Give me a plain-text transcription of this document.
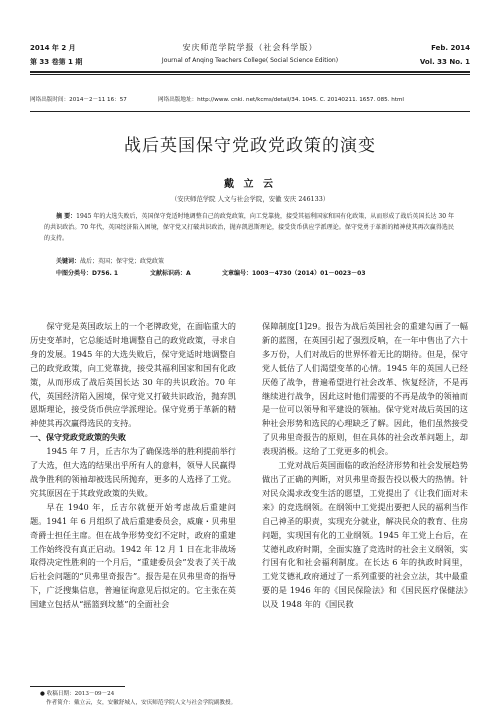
2014 年 2 月
第 33 卷第 1 期
安庆师范学院学报（社会科学版）
Journal of Anqing Teachers College( Social Science Edition)
Feb. 2014
Vol. 33 No. 1
网络出版时间：2014－2－11 16：57	网络出版地址：http://www. cnki. net/kcms/detail/34. 1045. C. 20140211. 1657. 085. html
战后英国保守党政党政策的演变
戴 立 云
（安庆师范学院 人文与社会学院，安徽 安庆 246133）
摘 要：1945 年的大选失败后，英国保守党适时地调整自己的政党政策，向工党靠拢，接受其福利国家和国有化政策，从而形成了战后英国长达 30 年的共识政治。70 年代，英国经济陷入困境，保守党又打破共识政治，抛弃凯恩斯理论，接受货币供应学派理论。保守党勇于革新的精神使其再次赢得选民的支持。
关键词：战后；英国；保守党；政党政策
中图分类号：D756. 1	文献标识码：A	文章编号：1003－4730（2014）01－0023－03

保守党是英国政坛上的一个老牌政党，在面临重大的历史变革时，它总能适时地调整自己的政党政策，寻求自身的发展。1945 年的大选失败后，保守党适时地调整自己的政党政策，向工党靠拢，接受其福利国家和国有化政策，从而形成了战后英国长达 30 年的共识政治。70 年代，英国经济陷入困境，保守党又打破共识政治，抛弃凯恩斯理论，接受货币供应学派理论。保守党勇于革新的精神使其再次赢得选民的支持。

一、保守党政党政策的失败

1945 年 7 月，丘吉尔为了确保选举的胜利提前举行了大选，但大选的结果出乎所有人的意料，领导人民赢得战争胜利的领袖却被选民所抛弃，更多的人选择了工党。究其原因在于其政党政策的失败。

早在 1940 年，丘吉尔就便开始考虑战后重建问题。1941 年 6 月组织了战后重建委员会，威廉・贝弗里奇爵士担任主席。但在战争形势变幻不定时，政府的重建工作始终没有真正启动。1942 年 12 月 1 日在北非战场取得决定性胜利的一个月后，“重建委员会”发表了关于战后社会问题的“贝弗里奇报告”。报告是在贝弗里奇的指导下，广泛搜集信息，普遍征询意见后拟定的。它主张在英国建立包括从“摇篮到坟墓”的全面社会

保障制度[1]29。报告为战后英国社会的重建勾画了一幅新的蓝图，在英国引起了强烈反响，在一年中售出了六十多万份，人们对战后的世界怀着无比的期待。但是，保守党人低估了人们渴望变革的心情。1945 年的英国人已经厌倦了战争，普遍希望进行社会改革、恢复经济，不是再继续进行战争，因此这时他们需要的不再是战争的领袖而是一位可以领导和平建设的领袖。保守党对战后英国的这种社会形势和选民的心理缺乏了解。因此，他们虽然接受了贝弗里奇报告的原则，但在具体的社会改革问题上，却表现消极。这给了工党更多的机会。

工党对战后英国面临的政治经济形势和社会发展趋势做出了正确的判断，对贝弗里奇报告投以极大的热情。针对民众渴求改变生活的愿望，工党提出了《让我们面对未来》的竞选纲领。在纲领中工党提出要把人民的福利当作自己神圣的职责，实现充分就业，解决民众的教育、住房问题，实现国有化的工业纲领。1945 年工党上台后，在艾德礼政府时期，全面实施了竞选时的社会主义纲领，实行国有化和社会福利制度。在长达 6 年的执政时间里，工党艾德礼政府通过了一系列重要的社会立法，其中最重要的是 1946 年的《国民保险法》和《国民医疗保健法》以及 1948 年的《国民救

● 收稿日期：2013－09－24
作者简介：戴立云，女，安徽舒城人，安庆师范学院人文与社会学院副教授。
